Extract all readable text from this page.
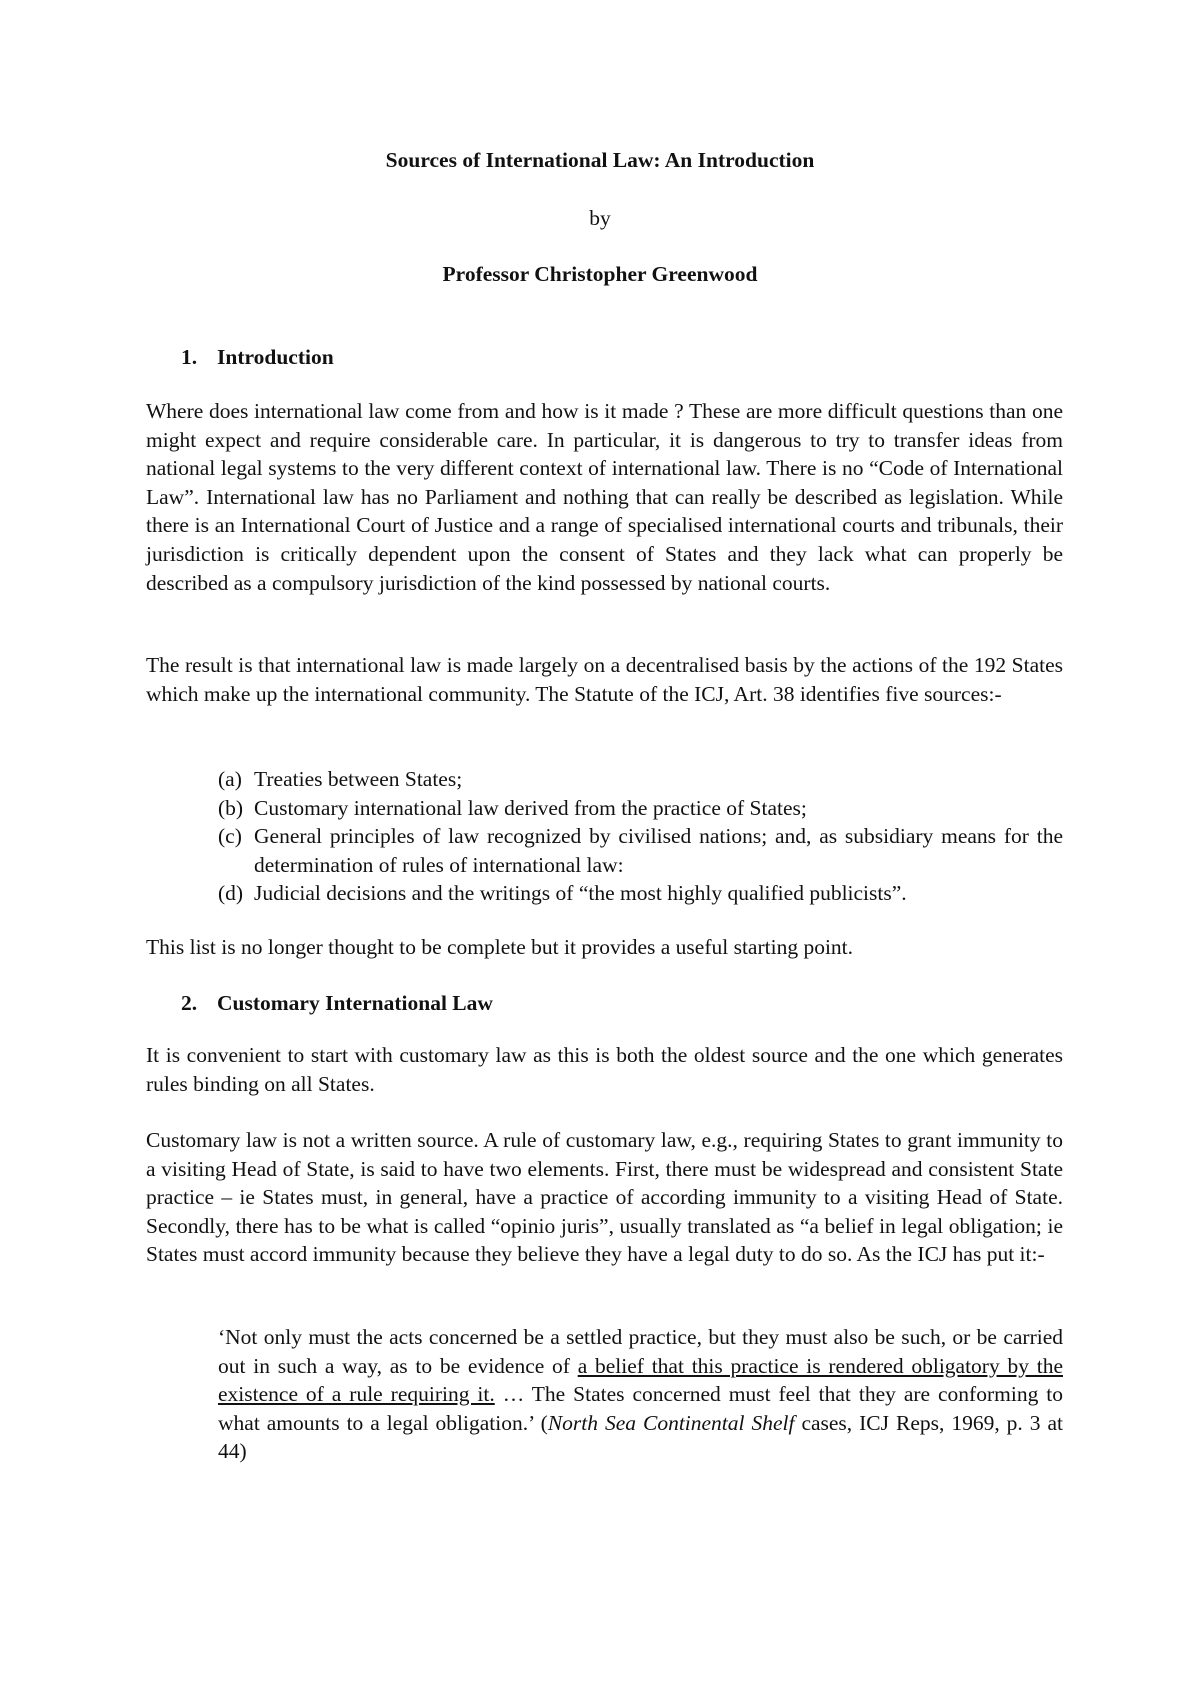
Sources of International Law: An Introduction
by
Professor Christopher Greenwood
1. Introduction

Where does international law come from and how is it made ? These are more difficult questions than one might expect and require considerable care. In particular, it is dangerous to try to transfer ideas from national legal systems to the very different context of international law. There is no “Code of International Law”. International law has no Parliament and nothing that can really be described as legislation. While there is an International Court of Justice and a range of specialised international courts and tribunals, their jurisdiction is critically dependent upon the consent of States and they lack what can properly be described as a compulsory jurisdiction of the kind possessed by national courts.

The result is that international law is made largely on a decentralised basis by the actions of the 192 States which make up the international community. The Statute of the ICJ, Art. 38 identifies five sources:-

(a) Treaties between States;
(b) Customary international law derived from the practice of States;
(c) General principles of law recognized by civilised nations; and, as subsidiary means for the determination of rules of international law:
(d) Judicial decisions and the writings of “the most highly qualified publicists”.

This list is no longer thought to be complete but it provides a useful starting point.

2. Customary International Law

It is convenient to start with customary law as this is both the oldest source and the one which generates rules binding on all States.

Customary law is not a written source. A rule of customary law, e.g., requiring States to grant immunity to a visiting Head of State, is said to have two elements. First, there must be widespread and consistent State practice – ie States must, in general, have a practice of according immunity to a visiting Head of State. Secondly, there has to be what is called “opinio juris”, usually translated as “a belief in legal obligation; ie States must accord immunity because they believe they have a legal duty to do so. As the ICJ has put it:-

‘Not only must the acts concerned be a settled practice, but they must also be such, or be carried out in such a way, as to be evidence of a belief that this practice is rendered obligatory by the existence of a rule requiring it. … The States concerned must feel that they are conforming to what amounts to a legal obligation.’ (North Sea Continental Shelf cases, ICJ Reps, 1969, p. 3 at 44)
